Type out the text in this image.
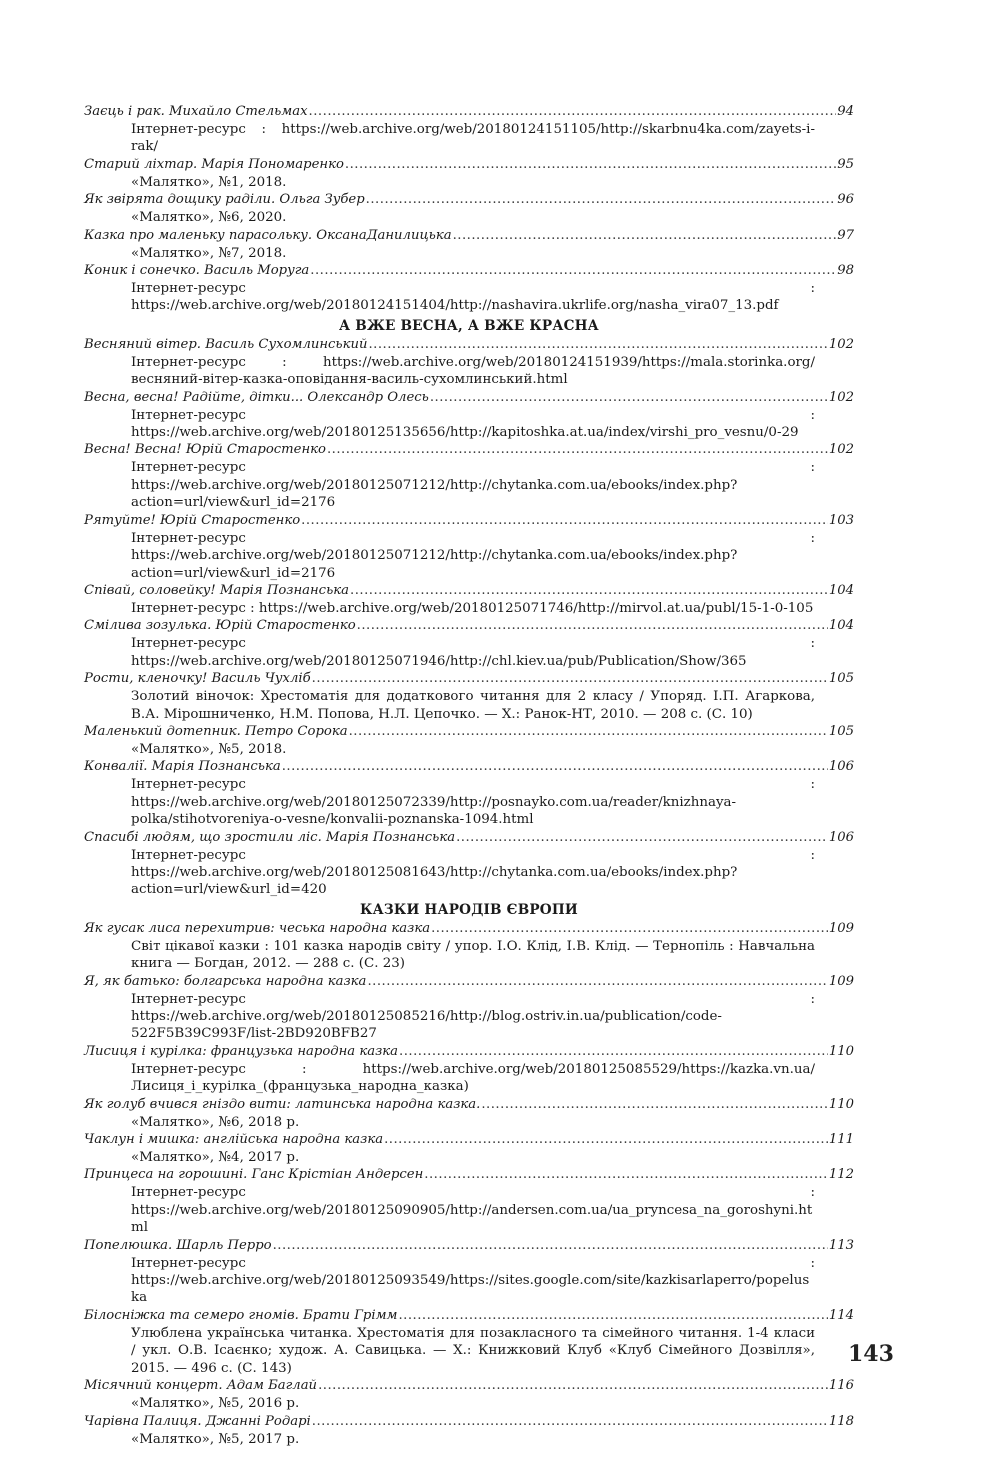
Заєць і рак. Михайло Стельмах .....	94
Інтернет-ресурс : https://web.archive.org/web/20180124151105/http://skarbnu4ka.com/zayets-i-rak/
Старий ліхтар. Марія Пономаренко .....	95
«Малятко», №1, 2018.
Як звірята дощику раділи. Ольга Зубер .....	96
«Малятко», №6, 2020.
Казка про маленьку парасольку. ОксанаДанилицька .....	97
«Малятко», №7, 2018.
Коник і сонечко. Василь Моруга .....	98
Інтернет-ресурс : https://web.archive.org/web/20180124151404/http://nashavira.ukrlife.org/nasha_vira07_13.pdf
А ВЖЕ ВЕСНА, А ВЖЕ КРАСНА
Весняний вітер. Василь Сухомлинський .....	102
Інтернет-ресурс : https://web.archive.org/web/20180124151939/https://mala.storinka.org/весняний-вітер-казка-оповідання-василь-сухомлинський.html
Весна, весна! Радійте, дітки... Олександр Олесь .....	102
Інтернет-ресурс : https://web.archive.org/web/20180125135656/http://kapitoshka.at.ua/index/virshi_pro_vesnu/0-29
Весна! Весна! Юрій Старостенко .....	102
Інтернет-ресурс : https://web.archive.org/web/20180125071212/http://chytanka.com.ua/ebooks/index.php?action=url/view&url_id=2176
Рятуйте! Юрій Старостенко .....	103
Інтернет-ресурс : https://web.archive.org/web/20180125071212/http://chytanka.com.ua/ebooks/index.php?action=url/view&url_id=2176
Співай, соловейку! Марія Познанська .....	104
Інтернет-ресурс : https://web.archive.org/web/20180125071746/http://mirvol.at.ua/publ/15-1-0-105
Смілива зозулька. Юрій Старостенко .....	104
Інтернет-ресурс : https://web.archive.org/web/20180125071946/http://chl.kiev.ua/pub/Publication/Show/365
Рости, кленочку! Василь Чухліб .....	105
Золотий віночок: Хрестоматія для додаткового читання для 2 класу / Упоряд. І.П. Агаркова, В.А. Мірошниченко, Н.М. Попова, Н.Л. Цепочко. — Х.: Ранок-НТ, 2010. — 208 с. (С. 10)
Маленький дотепник. Петро Сорока .....	105
«Малятко», №5, 2018.
Конвалії. Марія Познанська .....	106
Інтернет-ресурс : https://web.archive.org/web/20180125072339/http://posnayko.com.ua/reader/knizhnaya-polka/stihotvoreniya-o-vesne/konvalii-poznanska-1094.html
Спасибі людям, що зростили ліс. Марія Познанська .....	106
Інтернет-ресурс : https://web.archive.org/web/20180125081643/http://chytanka.com.ua/ebooks/index.php?action=url/view&url_id=420
КАЗКИ НАРОДІВ ЄВРОПИ
Як гусак лиса перехитрив: чеська народна казка .....	109
Світ цікавої казки : 101 казка народів світу / упор. І.О. Клід, І.В. Клід. — Тернопіль : Навчальна книга — Богдан, 2012. — 288 с. (С. 23)
Я, як батько: болгарська народна казка .....	109
Інтернет-ресурс : https://web.archive.org/web/20180125085216/http://blog.ostriv.in.ua/publication/code-522F5B39C993F/list-2BD920BFB27
Лисиця і курілка: французька народна казка .....	110
Інтернет-ресурс : https://web.archive.org/web/20180125085529/https://kazka.vn.ua/Лисиця_і_курілка_(французька_народна_казка)
Як голуб вчився гніздо вити: латинська народна казка. .....	110
«Малятко», №6, 2018 р.
Чаклун і мишка: англійська народна казка .....	111
«Малятко», №4, 2017 р.
Принцеса на горошині. Ганс Крістіан Андерсен .....	112
Інтернет-ресурс : https://web.archive.org/web/20180125090905/http://andersen.com.ua/ua_pryncesa_na_goroshyni.html
Попелюшка. Шарль Перро .....	113
Інтернет-ресурс : https://web.archive.org/web/20180125093549/https://sites.google.com/site/kazkisarlaperro/popeluska
Білосніжка та семеро гномів. Брати Грімм .....	114
Улюблена українська читанка. Хрестоматія для позакласного та сімейного читання. 1-4 класи / укл. О.В. Ісаєнко; худож. А. Савицька. — Х.: Книжковий Клуб «Клуб Сімейного Дозвілля», 2015. — 496 с. (С. 143)
Місячний концерт. Адам Баглай .....	116
«Малятко», №5, 2016 р.
Чарівна Палиця. Джанні Родарі .....	118
«Малятко», №5, 2017 р.
143
